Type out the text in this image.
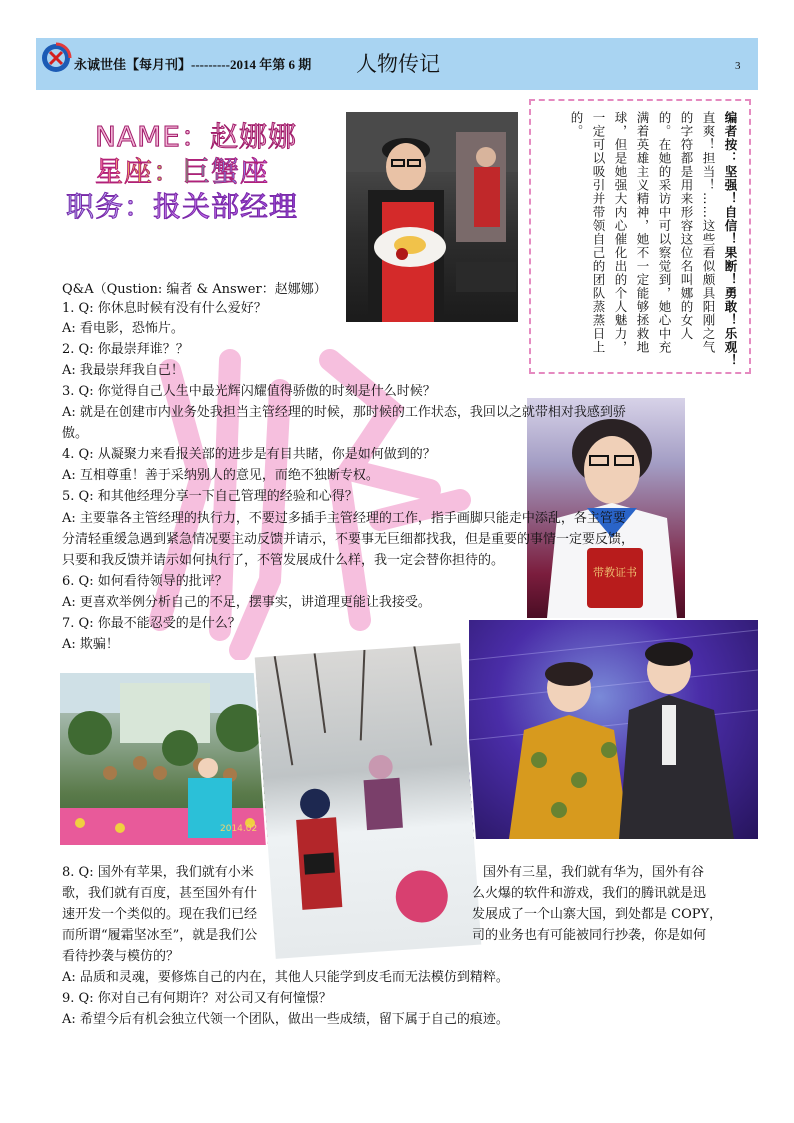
永诚世佳【每月刊】---------2014 年第 6 期 人物传记	3
NAME：赵娜娜
星座：巨蟹座
职务：报关部经理	编者按：坚强！自信！果断！勇敢！乐观！
直爽！担当！……这些看似颇具阳刚之气
的字符都是用来形容这位名叫娜的女人
的。在她的采访中可以察觉到，她心中充
满着英雄主义精神，她不一定能够拯救地
球，但是她强大内心催化出的个人魅力，
一定可以吸引并带领自己的团队蒸蒸日上
的。
带教证书
2014.02
Q&A（Qustion: 编者 & Answer：赵娜娜）
1. Q: 你休息时候有没有什么爱好？
A: 看电影，恐怖片。
2. Q: 你最崇拜谁？？
A: 我最崇拜我自己！
3. Q: 你觉得自己人生中最光辉闪耀值得骄傲的时刻是什么时候？
A: 就是在创建市内业务处我担当主管经理的时候，那时候的工作状态，我回以之就带相对我感到骄
傲。
4. Q: 从凝聚力来看报关部的进步是有目共睹，你是如何做到的？
A: 互相尊重！善于采纳别人的意见，而绝不独断专权。
5. Q: 和其他经理分享一下自己管理的经验和心得？
A: 主要靠各主管经理的执行力，不要过多插手主管经理的工作，指手画脚只能走中添乱，各主管要
分清轻重缓急遇到紧急情况要主动反馈并请示，不要事无巨细都找我，但是重要的事情一定要反馈，
只要和我反馈并请示如何执行了，不管发展成什么样，我一定会替你担待的。
6. Q: 如何看待领导的批评？
A: 更喜欢举例分析自己的不足，摆事实，讲道理更能让我接受。
7. Q: 你最不能忍受的是什么？
A: 欺骗！
8. Q: 国外有苹果，我们就有小米	国外有三星，我们就有华为，国外有谷
歌，我们就有百度，甚至国外有什	么火爆的软件和游戏，我们的腾讯就是迅
速开发一个类似的。现在我们已经	发展成了一个山寨大国，到处都是 COPY，
而所谓“履霜坚冰至”，就是我们公	司的业务也有可能被同行抄袭，你是如何
看待抄袭与模仿的？
A: 品质和灵魂，要修炼自己的内在，其他人只能学到皮毛而无法模仿到精粹。
9. Q: 你对自己有何期许？对公司又有何憧憬？
A: 希望今后有机会独立代领一个团队，做出一些成绩，留下属于自己的痕迹。
